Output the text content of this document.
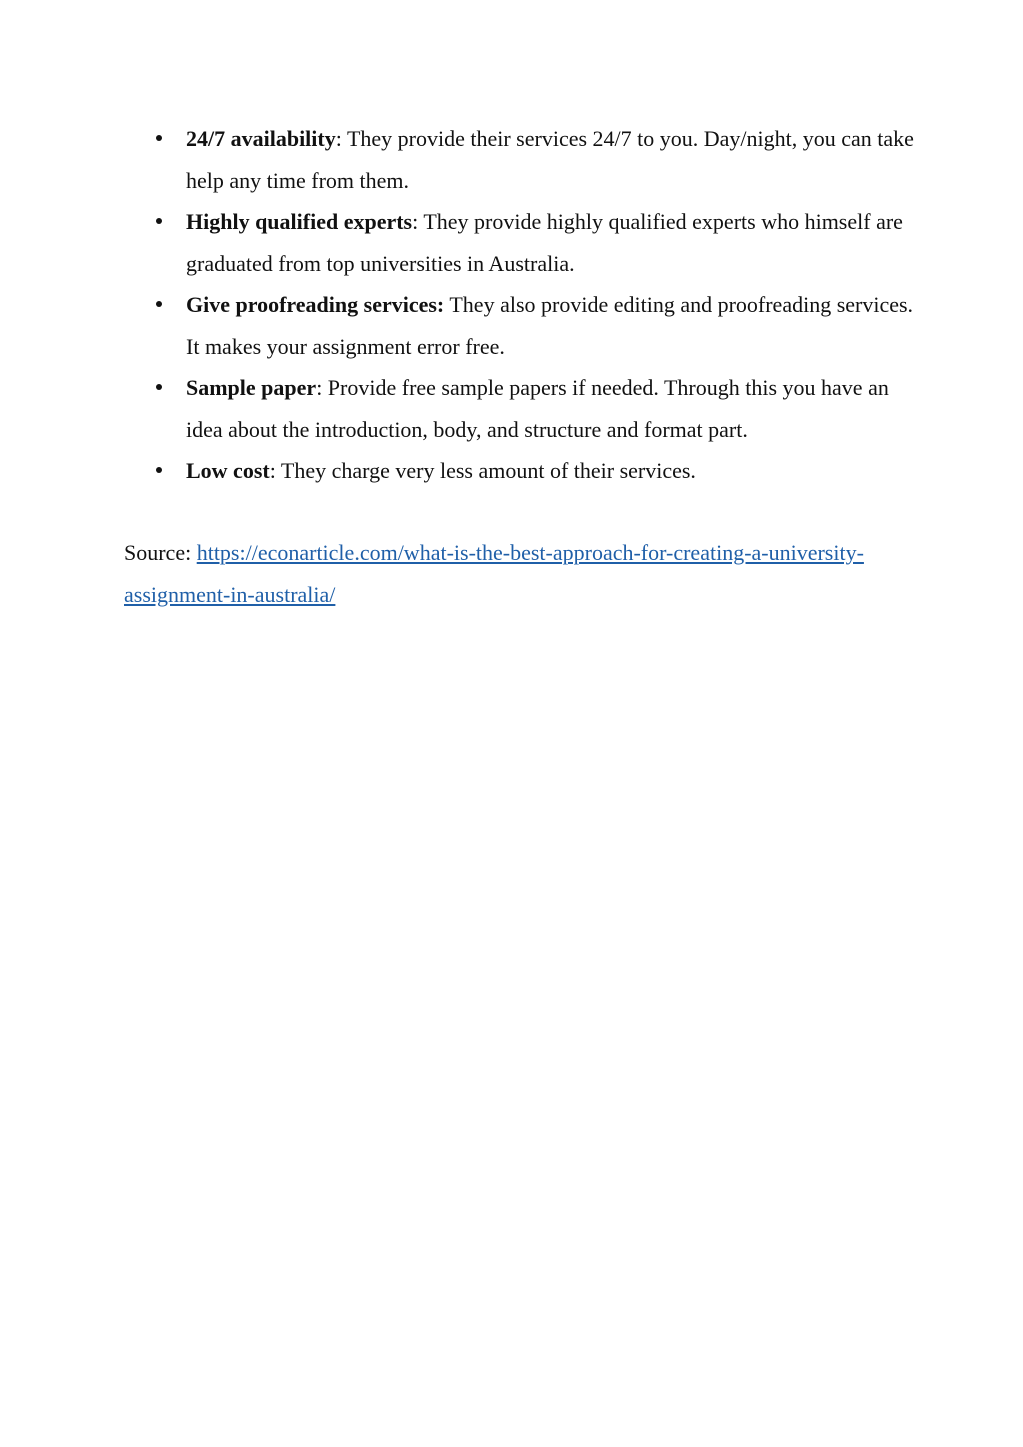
24/7 availability: They provide their services 24/7 to you. Day/night, you can take help any time from them.
Highly qualified experts: They provide highly qualified experts who himself are graduated from top universities in Australia.
Give proofreading services: They also provide editing and proofreading services. It makes your assignment error free.
Sample paper: Provide free sample papers if needed. Through this you have an idea about the introduction, body, and structure and format part.
Low cost: They charge very less amount of their services.

Source: https://econarticle.com/what-is-the-best-approach-for-creating-a-university-assignment-in-australia/
